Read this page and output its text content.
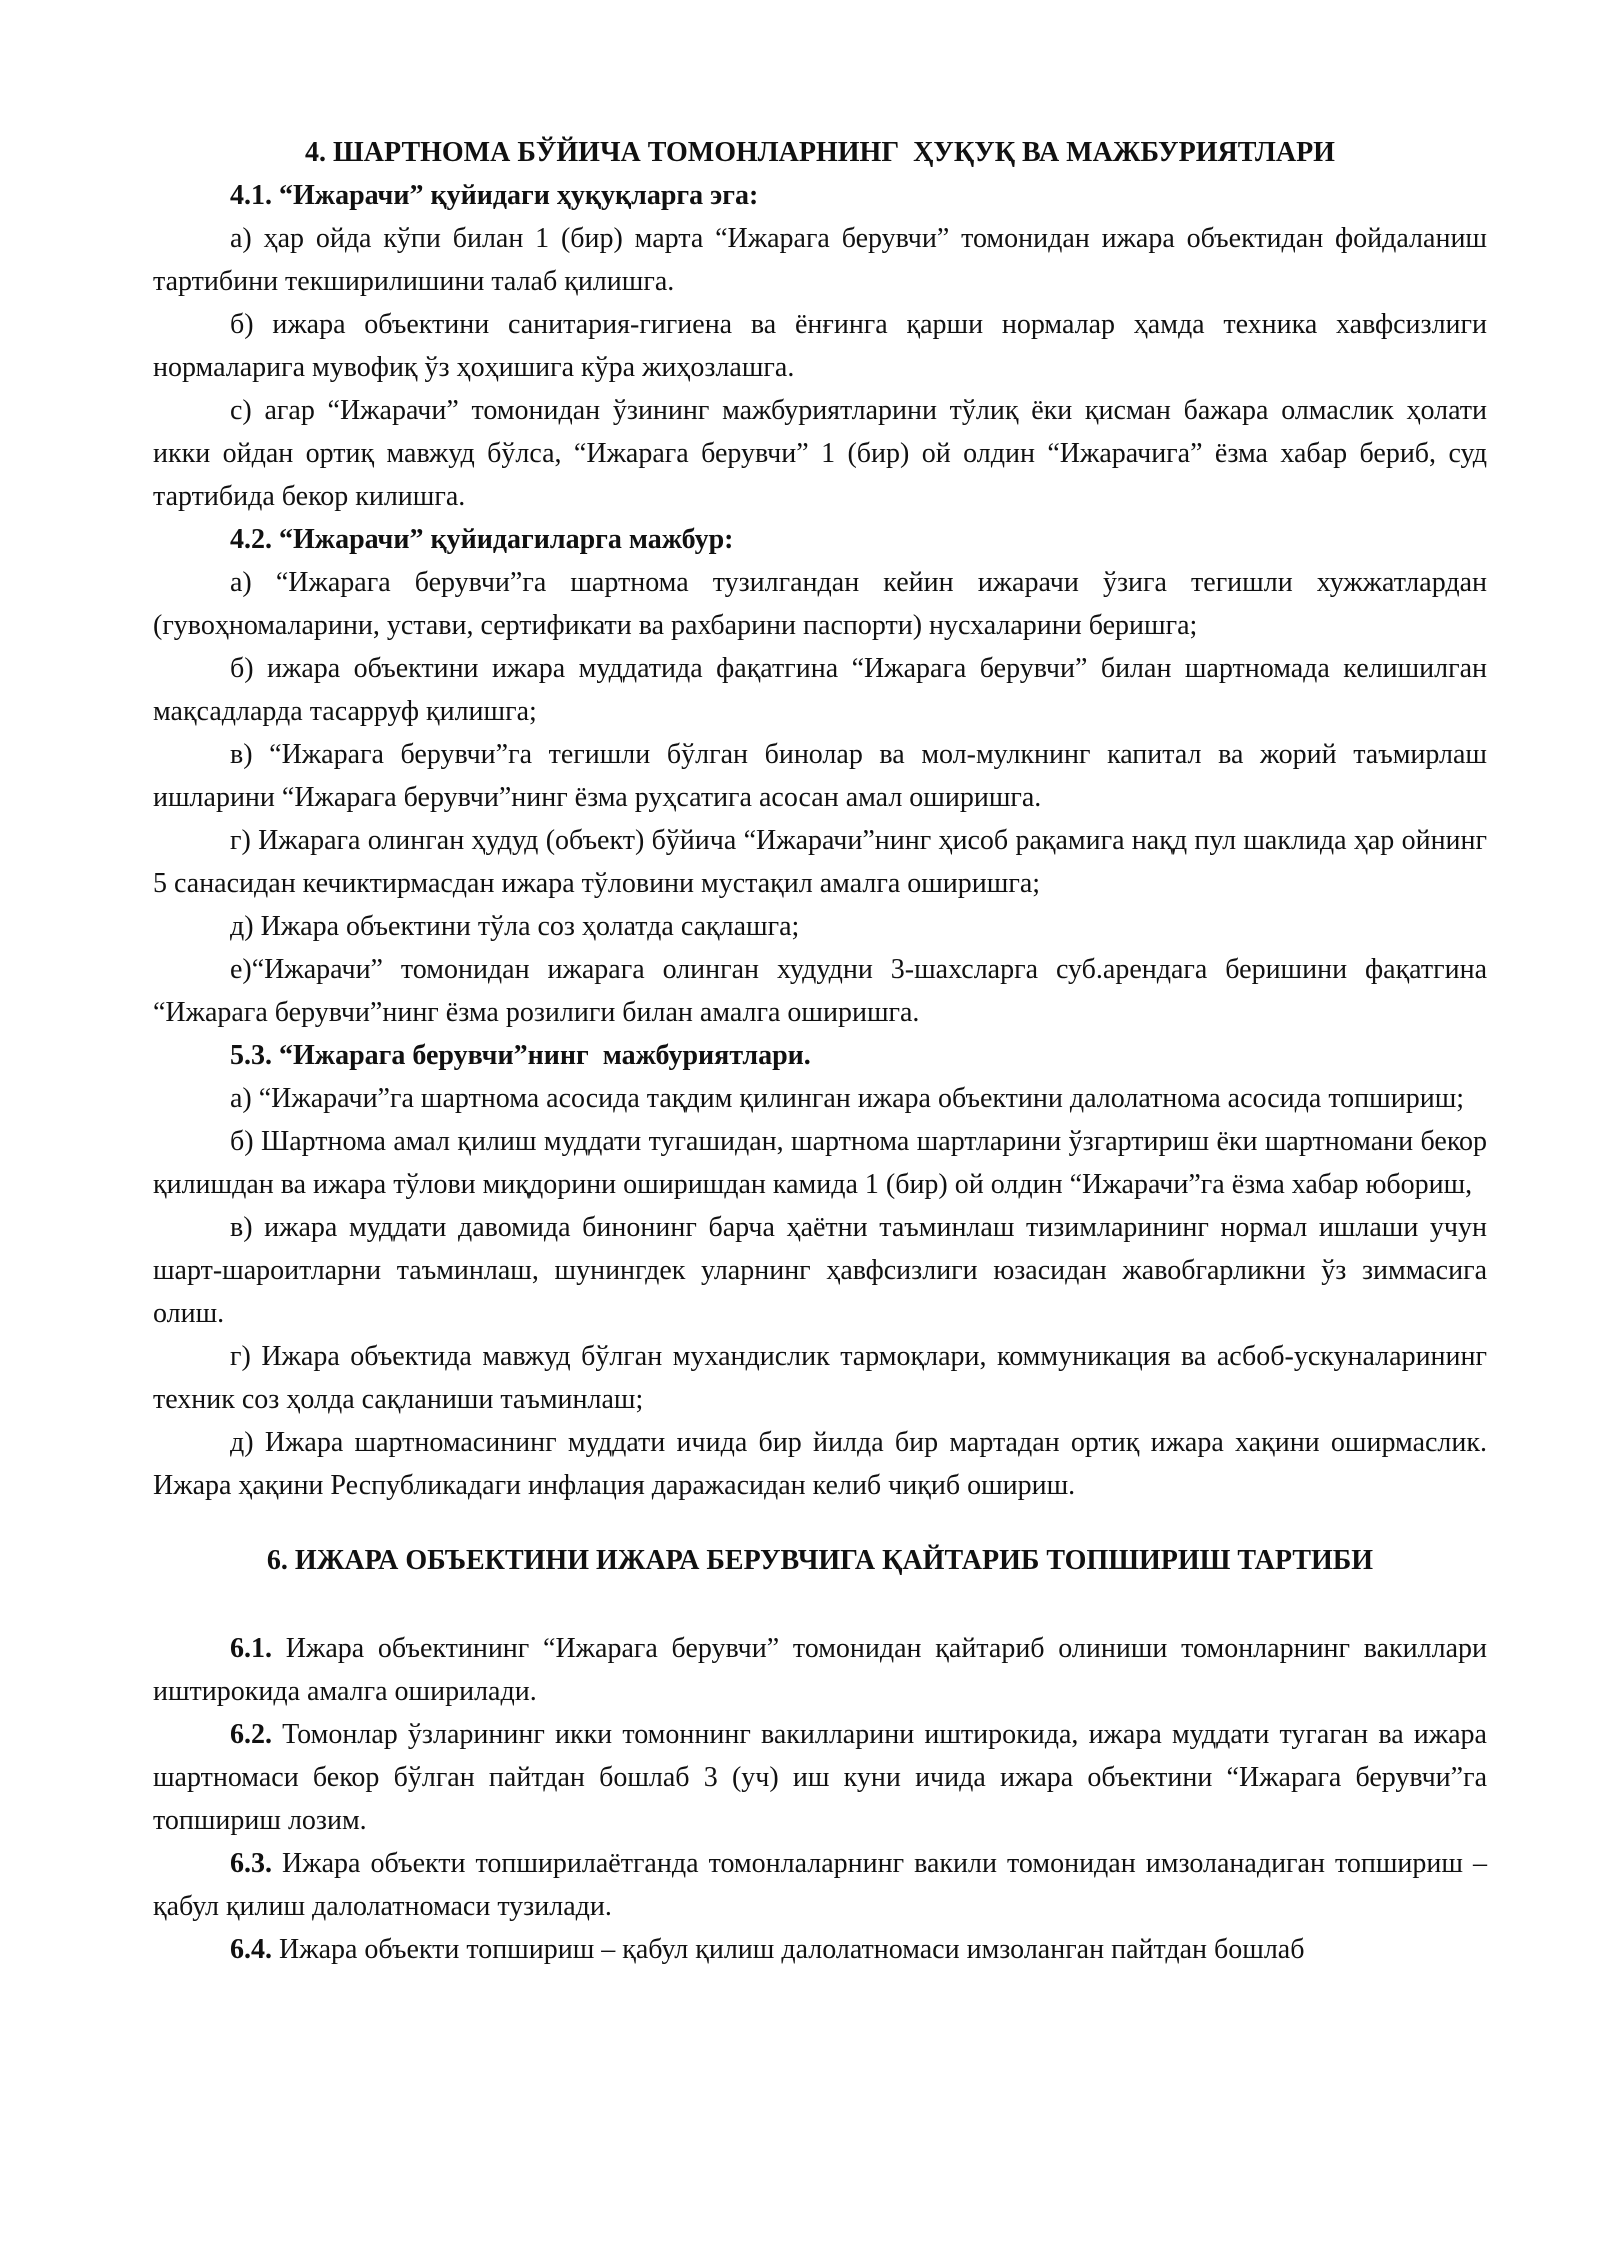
4. ШАРТНОМА БЎЙИЧА ТОМОНЛАРНИНГ  ҲУҚУҚ ВА МАЖБУРИЯТЛАРИ

4.1. “Ижарачи” қуйидаги ҳуқуқларга эга:

а) ҳар ойда кўпи билан 1 (бир) марта “Ижарага берувчи” томонидан ижара объектидан фойдаланиш тартибини текширилишини талаб қилишга.

б) ижара объектини санитария-гигиена ва ёнғинга қарши нормалар ҳамда техника хавфсизлиги нормаларига мувофиқ ўз ҳоҳишига кўра жиҳозлашга.

с) агар “Ижарачи” томонидан ўзининг мажбуриятларини тўлиқ ёки қисман бажара олмаслик ҳолати икки ойдан ортиқ мавжуд бўлса, “Ижарага берувчи” 1 (бир) ой олдин “Ижарачига” ёзма хабар бериб, суд тартибида бекор килишга.

4.2. “Ижарачи” қуйидагиларга мажбур:

а) “Ижарага берувчи”га шартнома тузилгандан кейин ижарачи ўзига тегишли хужжатлардан (гувоҳномаларини, устави, сертификати ва рахбарини паспорти) нусхаларини беришга;

б) ижара объектини ижара муддатида фақатгина “Ижарага берувчи” билан шартномада келишилган мақсадларда тасарруф қилишга;

в) “Ижарага берувчи”га тегишли бўлган бинолар ва мол-мулкнинг капитал ва жорий таъмирлаш ишларини “Ижарага берувчи”нинг ёзма руҳсатига асосан амал оширишга.

г) Ижарага олинган ҳудуд (объект) бўйича “Ижарачи”нинг ҳисоб рақамига нақд пул шаклида ҳар ойнинг 5 санасидан кечиктирмасдан ижара тўловини мустақил амалга оширишга;

д) Ижара объектини тўла соз ҳолатда сақлашга;

е)“Ижарачи” томонидан ижарага олинган худудни 3-шахсларга суб.арендага беришини фақатгина “Ижарага берувчи”нинг ёзма розилиги билан амалга оширишга.

5.3. “Ижарага берувчи”нинг  мажбуриятлари.

а) “Ижарачи”га шартнома асосида тақдим қилинган ижара объектини далолатнома асосида топшириш;

б) Шартнома амал қилиш муддати тугашидан, шартнома шартларини ўзгартириш ёки шартномани бекор қилишдан ва ижара тўлови миқдорини оширишдан камида 1 (бир) ой олдин “Ижарачи”га ёзма хабар юбориш,

в) ижара муддати давомида бинонинг барча ҳаётни таъминлаш тизимларининг нормал ишлаши учун шарт-шароитларни таъминлаш, шунингдек уларнинг ҳавфсизлиги юзасидан жавобгарликни ўз зиммасига олиш.

г) Ижара объектида мавжуд бўлган мухандислик тармоқлари, коммуникация ва асбоб-ускуналарининг техник соз ҳолда сақланиши таъминлаш;

д) Ижара шартномасининг муддати ичида бир йилда бир мартадан ортиқ ижара хақини оширмаслик. Ижара ҳақини Республикадаги инфлация даражасидан келиб чиқиб ошириш.

6. ИЖАРА ОБЪЕКТИНИ ИЖАРА БЕРУВЧИГА ҚАЙТАРИБ ТОПШИРИШ ТАРТИБИ

6.1. Ижара объектининг “Ижарага берувчи” томонидан қайтариб олиниши томонларнинг вакиллари иштирокида амалга оширилади.

6.2. Томонлар ўзларининг икки томоннинг вакилларини иштирокида, ижара муддати тугаган ва ижара шартномаси бекор бўлган пайтдан бошлаб 3 (уч) иш куни ичида ижара объектини “Ижарага берувчи”га топшириш лозим.

6.3. Ижара объекти топширилаётганда томонлаларнинг вакили томонидан имзоланадиган топшириш – қабул қилиш далолатномаси тузилади.

6.4. Ижара объекти топшириш – қабул қилиш далолатномаси имзоланган пайтдан бошлаб
